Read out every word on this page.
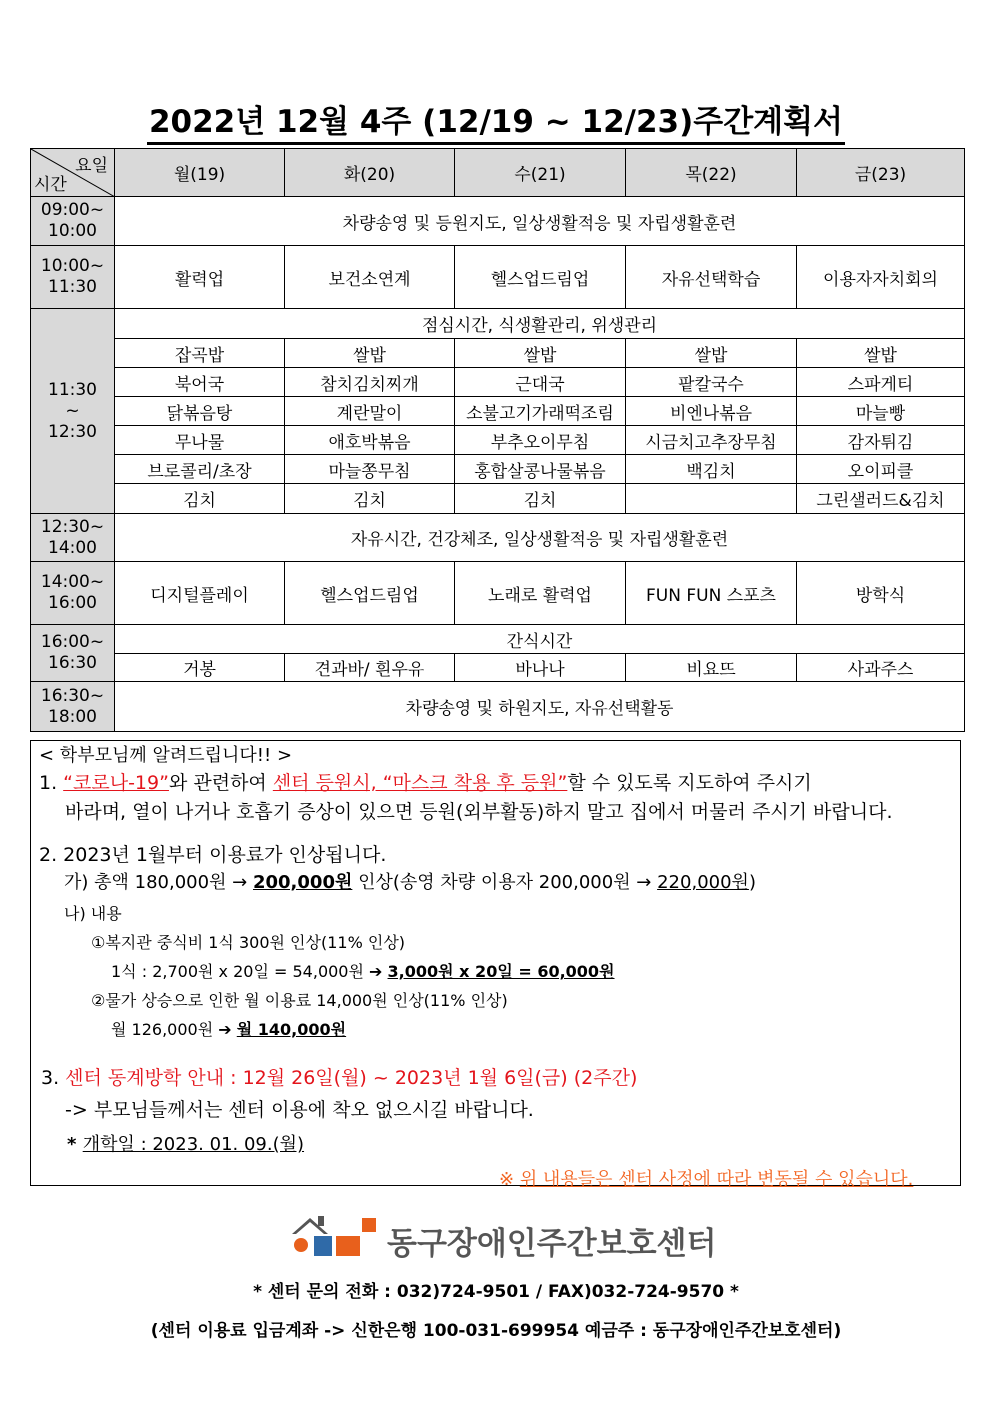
2022년 12월 4주 (12/19 ~ 12/23)주간계획서
요일
시간	월(19)	화(20)	수(21)	목(22)	금(23)
09:00~
10:00	차량송영 및 등원지도, 일상생활적응 및 자립생활훈련				
10:00~
11:30	활력업	보건소연계	헬스업드림업	자유선택학습	이용자자치회의
11:30
~
12:30	점심시간, 식생활관리, 위생관리				
	잡곡밥	쌀밥	쌀밥	쌀밥	쌀밥
	북어국	참치김치찌개	근대국	팥칼국수	스파게티
	닭볶음탕	계란말이	소불고기가래떡조림	비엔나볶음	마늘빵
	무나물	애호박볶음	부추오이무침	시금치고추장무침	감자튀김
	브로콜리/초장	마늘쫑무침	홍합살콩나물볶음	백김치	오이피클
	김치	김치	김치		그린샐러드&김치
12:30~
14:00	자유시간, 건강체조, 일상생활적응 및 자립생활훈련				
14:00~
16:00	디지털플레이	헬스업드림업	노래로 활력업	FUN FUN 스포츠	방학식
16:00~
16:30	간식시간				
	거봉	견과바/ 흰우유	바나나	비요뜨	사과주스
16:30~
18:00	차량송영 및 하원지도, 자유선택활동				
< 학부모님께 알려드립니다!! >
1. “코로나-19”와 관련하여 센터 등원시, “마스크 착용 후 등원”할 수 있도록 지도하여 주시기
바라며, 열이 나거나 호흡기 증상이 있으면 등원(외부활동)하지 말고 집에서 머물러 주시기 바랍니다.
2. 2023년 1월부터 이용료가 인상됩니다.
가) 총액 180,000원 → 200,000원 인상(송영 차량 이용자 200,000원 → 220,000원)
나) 내용
①복지관 중식비 1식 300원 인상(11% 인상)
1식 : 2,700원 x 20일 = 54,000원 ➔ 3,000원 x 20일 = 60,000원
②물가 상승으로 인한 월 이용료 14,000원 인상(11% 인상)
월 126,000원 ➔ 월 140,000원
3. 센터 동계방학 안내 : 12월 26일(월) ~ 2023년 1월 6일(금) (2주간)
-> 부모님들께서는 센터 이용에 착오 없으시길 바랍니다.
* 개학일 : 2023. 01. 09.(월)
※ 위 내용들은 센터 사정에 따라 변동될 수 있습니다.
동구장애인주간보호센터
* 센터 문의 전화 : 032)724-9501 / FAX)032-724-9570 *
(센터 이용료 입금계좌 -> 신한은행 100-031-699954 예금주 : 동구장애인주간보호센터)
